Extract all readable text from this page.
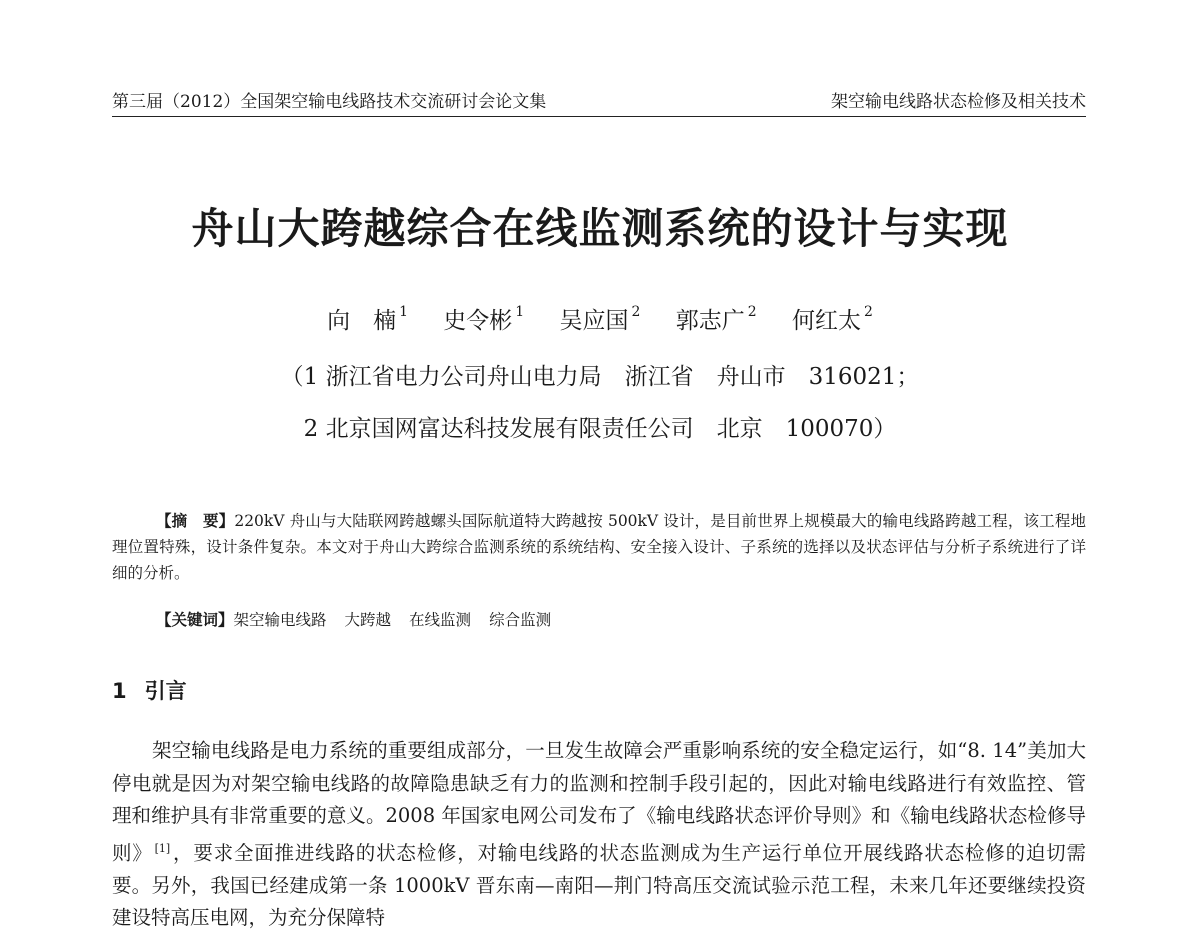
第三届（2012）全国架空输电线路技术交流研讨会论文集	架空输电线路状态检修及相关技术
舟山大跨越综合在线监测系统的设计与实现
向　楠 $^1$ 史令彬 $^1$ 吴应国 $^2$ 郭志广 $^2$ 何红太 $^2$
（1 浙江省电力公司舟山电力局　浙江省　舟山市　316021；
2 北京国网富达科技发展有限责任公司　北京　100070）

【摘　要】220kV 舟山与大陆联网跨越螺头国际航道特大跨越按 500kV 设计，是目前世界上规模最大的输电线路跨越工程，该工程地理位置特殊，设计条件复杂。本文对于舟山大跨综合监测系统的系统结构、安全接入设计、子系统的选择以及状态评估与分析子系统进行了详细的分析。

【关键词】架空输电线路 大跨越 在线监测 综合监测
1 引言

架空输电线路是电力系统的重要组成部分，一旦发生故障会严重影响系统的安全稳定运行，如“8. 14”美加大停电就是因为对架空输电线路的故障隐患缺乏有力的监测和控制手段引起的，因此对输电线路进行有效监控、管理和维护具有非常重要的意义。2008 年国家电网公司发布了《输电线路状态评价导则》和《输电线路状态检修导则》 [1] ，要求全面推进线路的状态检修，对输电线路的状态监测成为生产运行单位开展线路状态检修的迫切需要。另外，我国已经建成第一条 1000kV 晋东南—南阳—荆门特高压交流试验示范工程，未来几年还要继续投资建设特高压电网，为充分保障特
